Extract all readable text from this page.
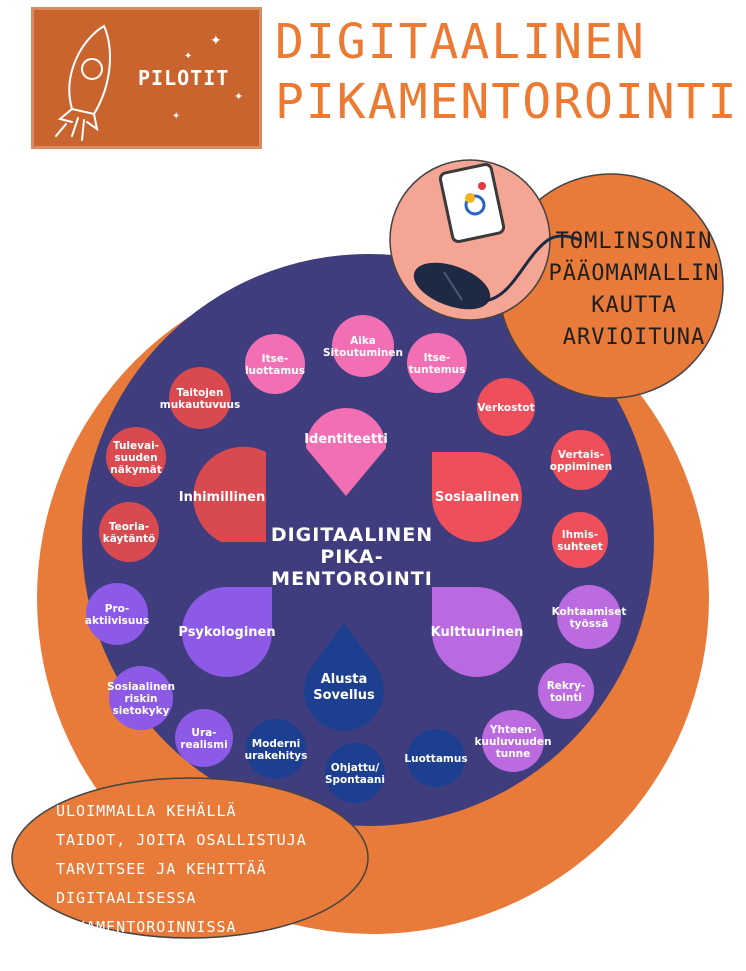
PILOTIT
✦
✦
✦
✦
DIGITAALINEN
PIKAMENTOROINTI
Identiteetti
Inhimillinen	Sosiaalinen
Psykologinen	Kulttuurinen
Alusta
Sovellus
DIGITAALINEN
PIKA-
MENTOROINTI
Aika
Sitoutuminen Itse-
tuntemus
Verkostot
Vertais-
oppiminen
Ihmis-
suhteet
Kohtaamiset
työssä
Rekry-
tointi
Yhteen-
kuuluvuuden
tunne
Luottamus
Ohjattu/
Spontaani
Moderni
urakehitys
Ura-
realismi
Sosiaalinen
riskin
sietokyky
Pro-
aktiivisuus
Teoria-
käytäntö
Tulevai-
suuden
näkymät
Taitojen
mukautuvuus
Itse-
luottamus
TOMLINSONIN
PÄÄOMAMALLIN
KAUTTA
ARVIOITUNA
ULOIMMALLA KEHÄLLÄ
TAIDOT, JOITA OSALLISTUJA
TARVITSEE JA KEHITTÄÄ
DIGITAALISESSA
PIKAMENTOROINNISSA
